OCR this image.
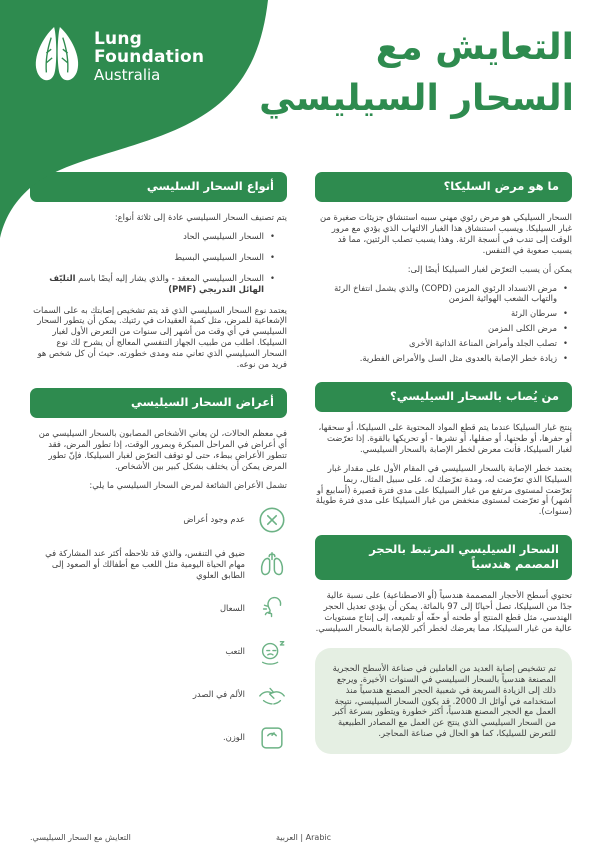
Lung
Foundation
Australia
التعايش مع
السحار السيليسي
ما هو مرض السليكا؟

السحار السيليكي هو مرض رئوي مهني سببه استنشاق جزيئات صغيرة من غبار السيليكا. ويسبب استنشاق هذا الغبار الالتهاب الذي يؤدي مع مرور الوقت إلى تندب في أنسجة الرئة. وهذا يسبب تصلب الرئتين، مما قد يسبب صعوبة في التنفس.

يمكن أن يسبب التعرّض لغبار السيليكا أيضًا إلى:

• مرض الانسداد الرئوي المزمن (COPD) والذي يشمل انتفاخ الرئة والتهاب الشعب الهوائية المزمن
• سرطان الرئة
• مرض الكلى المزمن
• تصلب الجلد وأمراض المناعة الذاتية الأخرى
• زيادة خطر الإصابة بالعدوى مثل السل والأمراض الفطرية.
من يُصاب بالسحار السيليسي؟

ينتج غبار السيليكا عندما يتم قطع المواد المحتوية على السيليكا، أو سحقها، أو حفرها، أو طحنها، أو صقلها، أو نشرها - أو تحريكها بالقوة. إذا تعرّضت لغبار السيليكا، فأنت معرض لخطر الإصابة بالسحار السيليسي.

يعتمد خطر الإصابة بالسحار السيليسي في المقام الأول على مقدار غبار السيليكا الذي تعرّضت له، ومدة تعرّضك له. على سبيل المثال، ربما تعرّضت لمستوى مرتفع من غبار السيليكا على مدى فترة قصيرة (أسابيع أو أشهر) أو تعرّضت لمستوى منخفض من غبار السيليكا على مدى فترة طويلة (سنوات).

السحار السيليسي المرتبط بالحجر المصمم هندسياً

تحتوي أسطح الأحجار المصممة هندسياً (أو الاصطناعية) على نسبة عالية جدًا من السيليكا، تصل أحيانًا إلى 97 بالمائة. يمكن أن يؤدي تعديل الحجر الهندسي، مثل قطع المنتج أو طحنه أو حفّه أو تلميعه، إلى إنتاج مستويات عالية من غبار السيليكا، مما يعرضك لخطر أكبر للإصابة بالسحار السيليسي.

تم تشخيص إصابة العديد من العاملين في صناعة الأسطح الحجرية المصنعة هندسياً بالسحار السيليسي في السنوات الأخيرة. ويرجع ذلك إلى الزيادة السريعة في شعبية الحجر المصنع هندسياً منذ استخدامه في أوائل الـ 2000. قد يكون السحار السيليسي، نتيجة العمل مع الحجر المصنع هندسياً، أكثر خطورة ويتطور بسرعة أكبر من السحار السيليسي الذي ينتج عن العمل مع المصادر الطبيعية للتعرض للسيليكا، كما هو الحال في صناعة المحاجر.

أنواع السحار السليسي

يتم تصنيف السحار السيليسي عادة إلى ثلاثة أنواع:

• السحار السيليسي الحاد
• السحار السيليسي البسيط
• السحار السيليسي المعقد - والذي يشار إليه أيضًا باسم التليّف الهائل التدريجي (PMF)

يعتمد نوع السحار السيليسي الذي قد يتم تشخيص إصابتك به على السمات الإشعاعية للمرض، مثل كمية العقيدات في رئتيك. يمكن أن يتطور السحار السيليسي في أي وقت من أشهر إلى سنوات من التعرض الأول لغبار السيليكا. اطلب من طبيب الجهاز التنفسي المعالج أن يشرح لك نوع السحار السيليسي الذي تعاني منه ومدى خطورته. حيث أن كل شخص هو فريد من نوعه.

أعراض السحار السيليسي

في معظم الحالات، لن يعاني الأشخاص المصابون بالسحار السيليسي من أي أعراض في المراحل المبكرة وبمرور الوقت، إذا تطور المرض، فقد تتطور الأعراض ببطء، حتى لو توقف التعرّض لغبار السيليكا. فإنّ تطور المرض يمكن أن يختلف بشكل كبير بين الأشخاص.

تشمل الأعراض الشائعة لمرض السحار السيليسي ما يلي:

عدم وجود أعراض
ضيق في التنفس، والذي قد تلاحظه أكثر عند المشاركة في مهام الحياة اليومية مثل اللعب مع أطفالك أو الصعود إلى الطابق العلوي
السعال
التعب
الألم في الصدر
الوزن.
التعايش مع السحار السيليسي.	العربية | Arabic
